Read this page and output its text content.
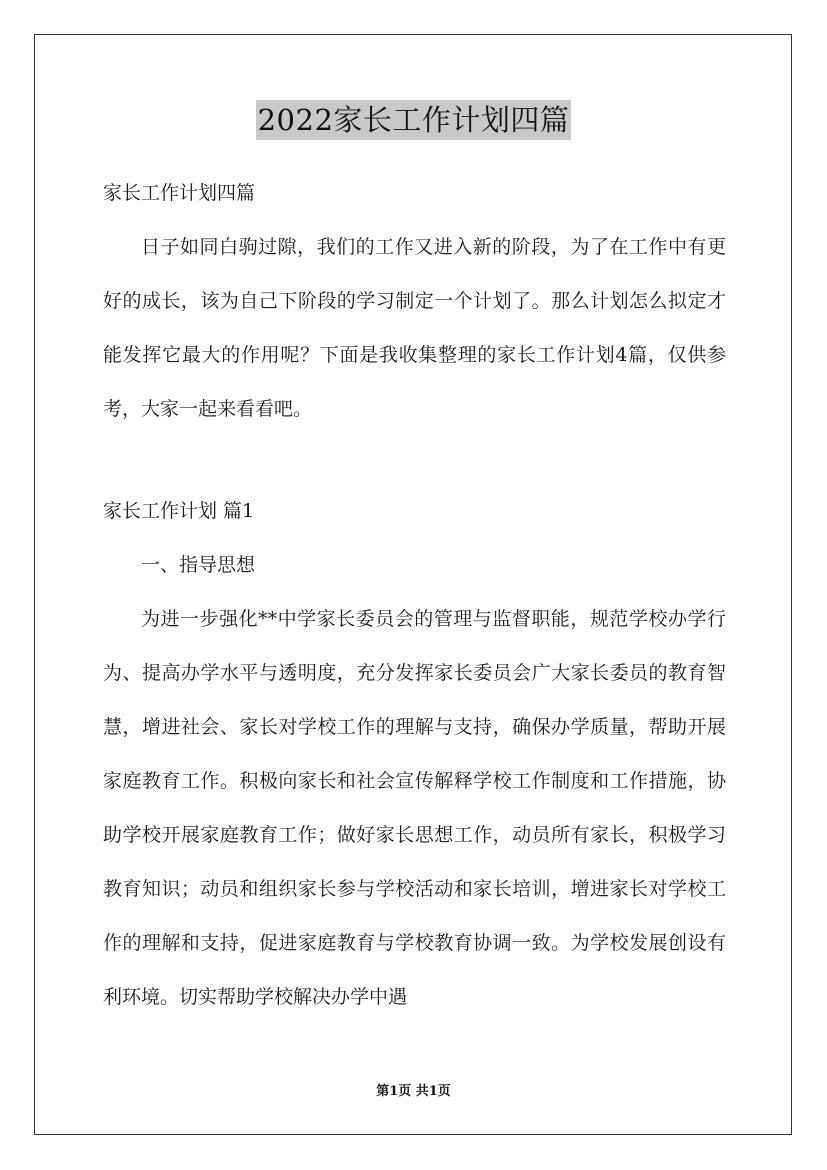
2022家长工作计划四篇
家长工作计划四篇
日子如同白驹过隙，我们的工作又进入新的阶段，为了在工作中有更好的成长，该为自己下阶段的学习制定一个计划了。那么计划怎么拟定才能发挥它最大的作用呢？下面是我收集整理的家长工作计划4篇，仅供参考，大家一起来看看吧。
家长工作计划 篇1
一、指导思想
为进一步强化**中学家长委员会的管理与监督职能，规范学校办学行为、提高办学水平与透明度，充分发挥家长委员会广大家长委员的教育智慧，增进社会、家长对学校工作的理解与支持，确保办学质量，帮助开展家庭教育工作。积极向家长和社会宣传解释学校工作制度和工作措施，协助学校开展家庭教育工作；做好家长思想工作，动员所有家长，积极学习教育知识；动员和组织家长参与学校活动和家长培训，增进家长对学校工作的理解和支持，促进家庭教育与学校教育协调一致。为学校发展创设有利环境。切实帮助学校解决办学中遇
第1页 共1页
